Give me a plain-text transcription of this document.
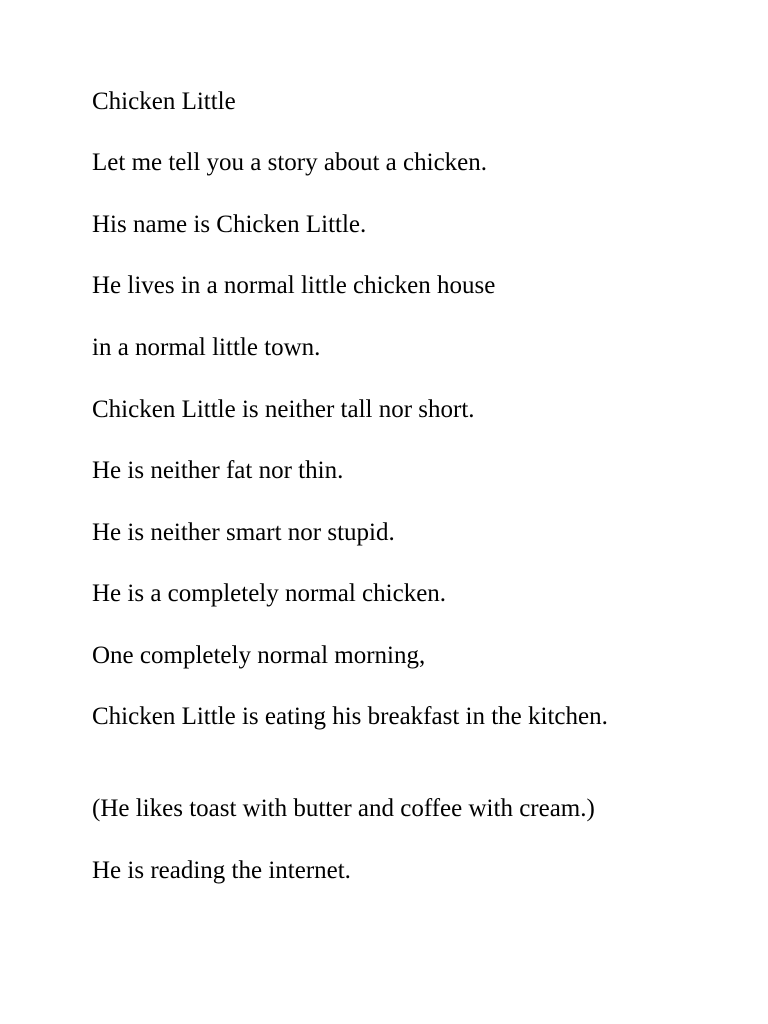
Chicken Little

Let me tell you a story about a chicken.

His name is Chicken Little.

He lives in a normal little chicken house

in a normal little town.

Chicken Little is neither tall nor short.

He is neither fat nor thin.

He is neither smart nor stupid.

He is a completely normal chicken.

One completely normal morning,

Chicken Little is eating his breakfast in the kitchen.

(He likes toast with butter and coffee with cream.)

He is reading the internet.
